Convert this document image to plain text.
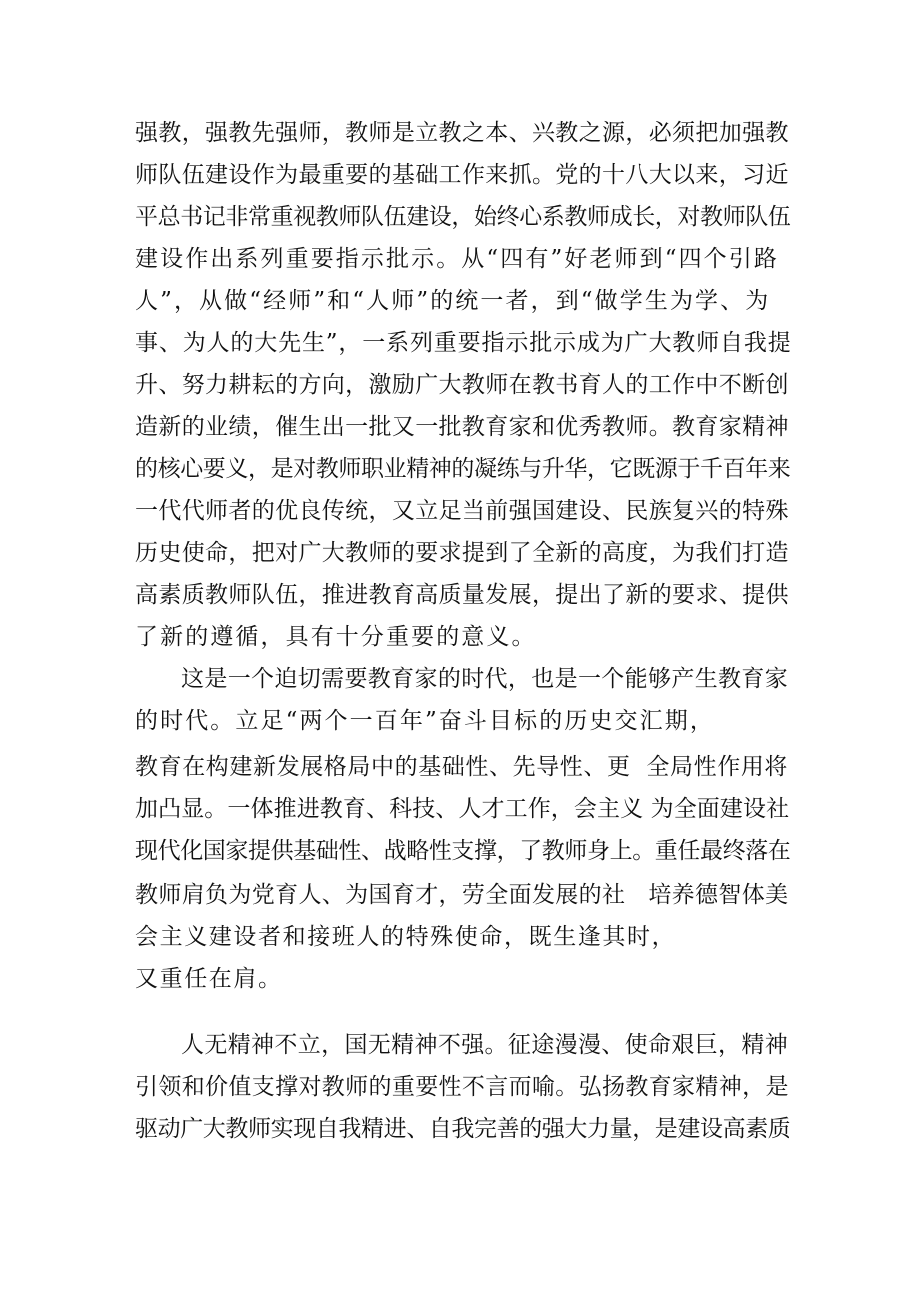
强教，强教先强师，教师是立教之本、兴教之源，必须把加强教
师队伍建设作为最重要的基础工作来抓。党的十八大以来，习近
平总书记非常重视教师队伍建设，始终心系教师成长，对教师队伍
建设作出系列重要指示批示。从“四有”好老师到“四个引路
人”，从做“经师”和“人师”的统一者，到“做学生为学、为
事、为人的大先生”，一系列重要指示批示成为广大教师自我提
升、努力耕耘的方向，激励广大教师在教书育人的工作中不断创
造新的业绩，催生出一批又一批教育家和优秀教师。教育家精神
的核心要义，是对教师职业精神的凝练与升华，它既源于千百年来
一代代师者的优良传统，又立足当前强国建设、民族复兴的特殊
历史使命，把对广大教师的要求提到了全新的高度，为我们打造
高素质教师队伍，推进教育高质量发展，提出了新的要求、提供
了新的遵循，具有十分重要的意义。
这是一个迫切需要教育家的时代，也是一个能够产生教育家
的时代。立足“两个一百年”奋斗目标的历史交汇期，
教育在构建新发展格局中的基础性、先导性、更  全局性作用将
加凸显。一体推进教育、科技、人才工作，会主义 为全面建设社
现代化国家提供基础性、战略性支撑，了教师身上。重任最终落在
教师肩负为党育人、为国育才，劳全面发展的社   培养德智体美
会主义建设者和接班人的特殊使命，既生逢其时，
又重任在肩。
人无精神不立，国无精神不强。征途漫漫、使命艰巨，精神
引领和价值支撑对教师的重要性不言而喻。弘扬教育家精神，是
驱动广大教师实现自我精进、自我完善的强大力量，是建设高素质
